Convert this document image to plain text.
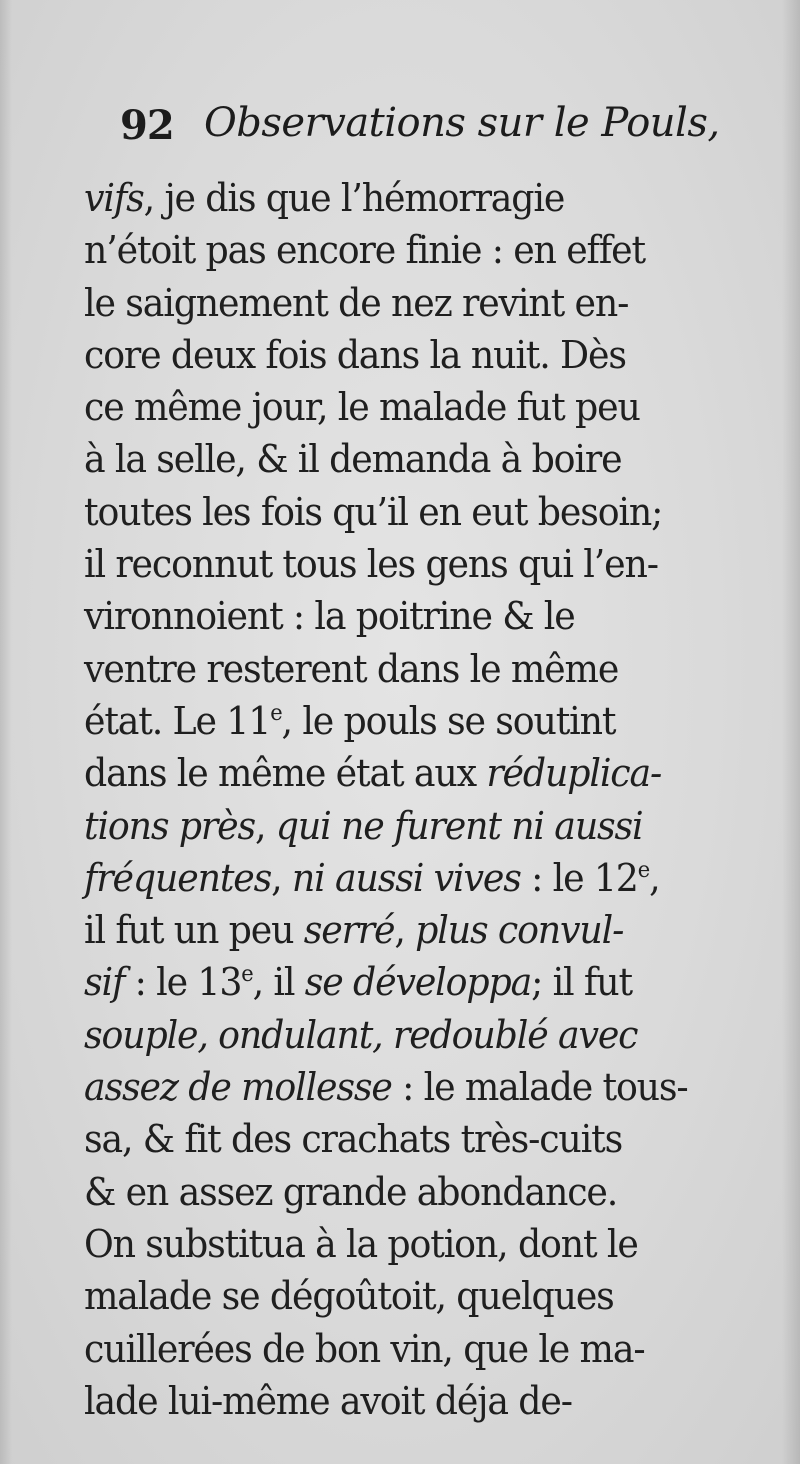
92 Observations sur le Pouls,
vifs, je dis que l’hémorragie
n’étoit pas encore finie : en effet
le saignement de nez revint en-
core deux fois dans la nuit. Dès
ce même jour, le malade fut peu
à la selle, & il demanda à boire
toutes les fois qu’il en eut besoin;
il reconnut tous les gens qui l’en-
vironnoient : la poitrine & le
ventre resterent dans le même
état. Le 11e, le pouls se soutint
dans le même état aux réduplica-
tions près, qui ne furent ni aussi
fréquentes, ni aussi vives : le 12e,
il fut un peu serré, plus convul-
sif : le 13e, il se développa; il fut
souple, ondulant, redoublé avec
assez de mollesse : le malade tous-
sa, & fit des crachats très-cuits
& en assez grande abondance.
On substitua à la potion, dont le
malade se dégoûtoit, quelques
cuillerées de bon vin, que le ma-
lade lui-même avoit déja de-
